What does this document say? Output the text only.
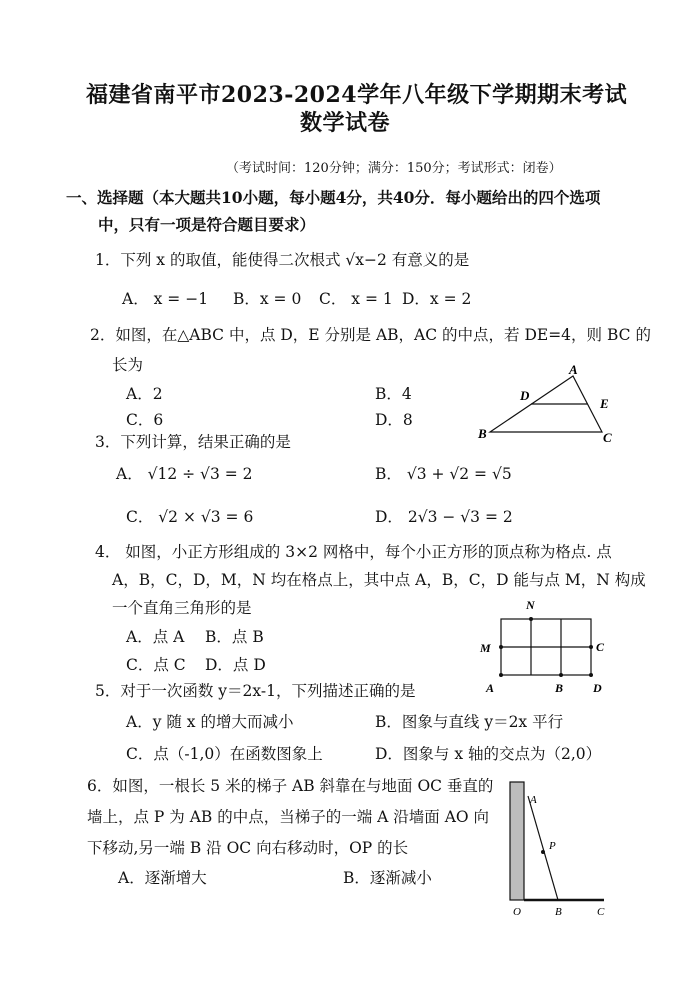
福建省南平市2023-2024学年八年级下学期期末考试
数学试卷
（考试时间：120分钟；满分：150分；考试形式：闭卷）
一、选择题（本大题共10小题，每小题4分，共40分．每小题给出的四个选项
中，只有一项是符合题目要求）
1．下列 x 的取值，能使得二次根式 √x−2 有意义的是
A． x = −1 B．x = 0 C． x = 1 D．x = 2
2．如图，在△ABC 中，点 D，E 分别是 AB，AC 的中点，若 DE=4，则 BC 的
长为
A．2	B．4
C．6	D．8
A
D
E
B	C
3．下列计算，结果正确的是
A． √12 ÷ √3 = 2	B． √3 + √2 = √5
C． √2 × √3 = 6	D． 2√3 − √3 = 2
4． 如图，小正方形组成的 3×2 网格中，每个小正方形的顶点称为格点. 点
A，B，C，D，M，N 均在格点上，其中点 A，B，C，D 能与点 M，N 构成
一个直角三角形的是
A．点 A B．点 B
C．点 C D．点 D
N
M	C
A	B D
5．对于一次函数 y＝2x-1，下列描述正确的是
A．y 随 x 的增大而减小	B．图象与直线 y＝2x 平行
C．点（-1,0）在函数图象上	D．图象与 x 轴的交点为（2,0）
6．如图，一根长 5 米的梯子 AB 斜靠在与地面 OC 垂直的
墙上，点 P 为 AB 的中点，当梯子的一端 A 沿墙面 AO 向
下移动,另一端 B 沿 OC 向右移动时，OP 的长
A．逐渐增大	B．逐渐减小
A
P
O	B	C
